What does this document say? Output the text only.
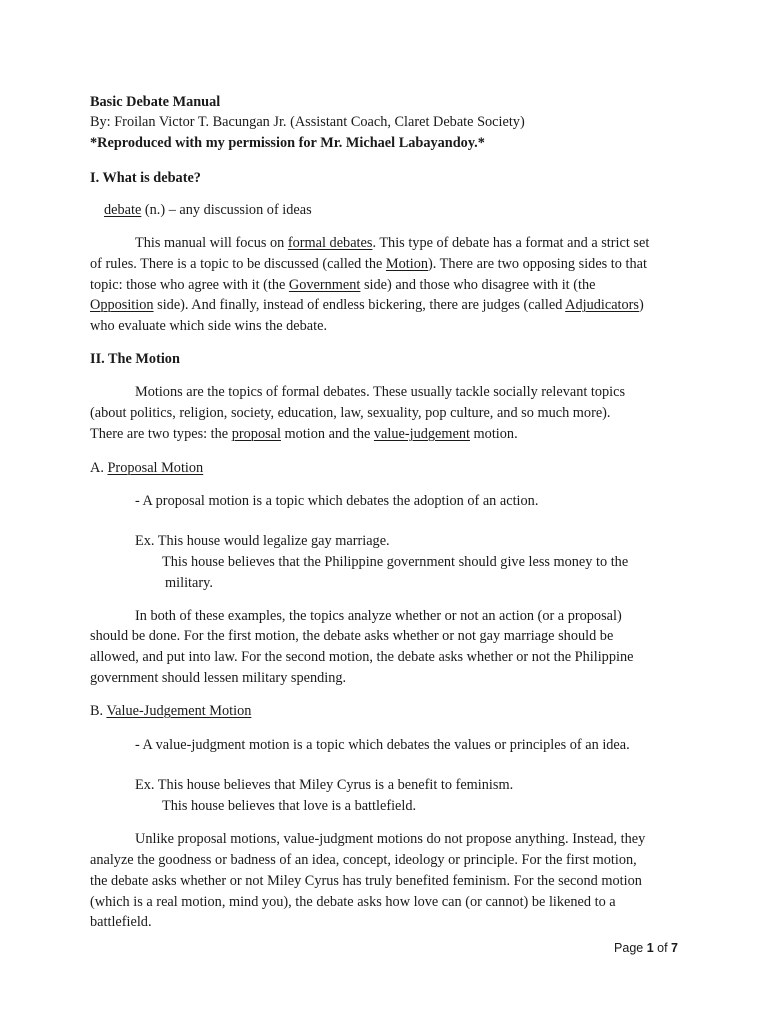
Basic Debate Manual
By: Froilan Victor T. Bacungan Jr. (Assistant Coach, Claret Debate Society)
*Reproduced with my permission for Mr. Michael Labayandoy.*
I. What is debate?
debate (n.) – any discussion of ideas
This manual will focus on formal debates. This type of debate has a format and a strict set
of rules. There is a topic to be discussed (called the Motion). There are two opposing sides to that
topic: those who agree with it (the Government side) and those who disagree with it (the
Opposition side). And finally, instead of endless bickering, there are judges (called Adjudicators)
who evaluate which side wins the debate.
II. The Motion
Motions are the topics of formal debates. These usually tackle socially relevant topics
(about politics, religion, society, education, law, sexuality, pop culture, and so much more).
There are two types: the proposal motion and the value-judgement motion.
A. Proposal Motion
- A proposal motion is a topic which debates the adoption of an action.
Ex. This house would legalize gay marriage.
This house believes that the Philippine government should give less money to the
military.
In both of these examples, the topics analyze whether or not an action (or a proposal)
should be done. For the first motion, the debate asks whether or not gay marriage should be
allowed, and put into law. For the second motion, the debate asks whether or not the Philippine
government should lessen military spending.
B. Value-Judgement Motion
- A value-judgment motion is a topic which debates the values or principles of an idea.
Ex. This house believes that Miley Cyrus is a benefit to feminism.
This house believes that love is a battlefield.
Unlike proposal motions, value-judgment motions do not propose anything. Instead, they
analyze the goodness or badness of an idea, concept, ideology or principle. For the first motion,
the debate asks whether or not Miley Cyrus has truly benefited feminism. For the second motion
(which is a real motion, mind you), the debate asks how love can (or cannot) be likened to a
battlefield.
Page 1 of 7
